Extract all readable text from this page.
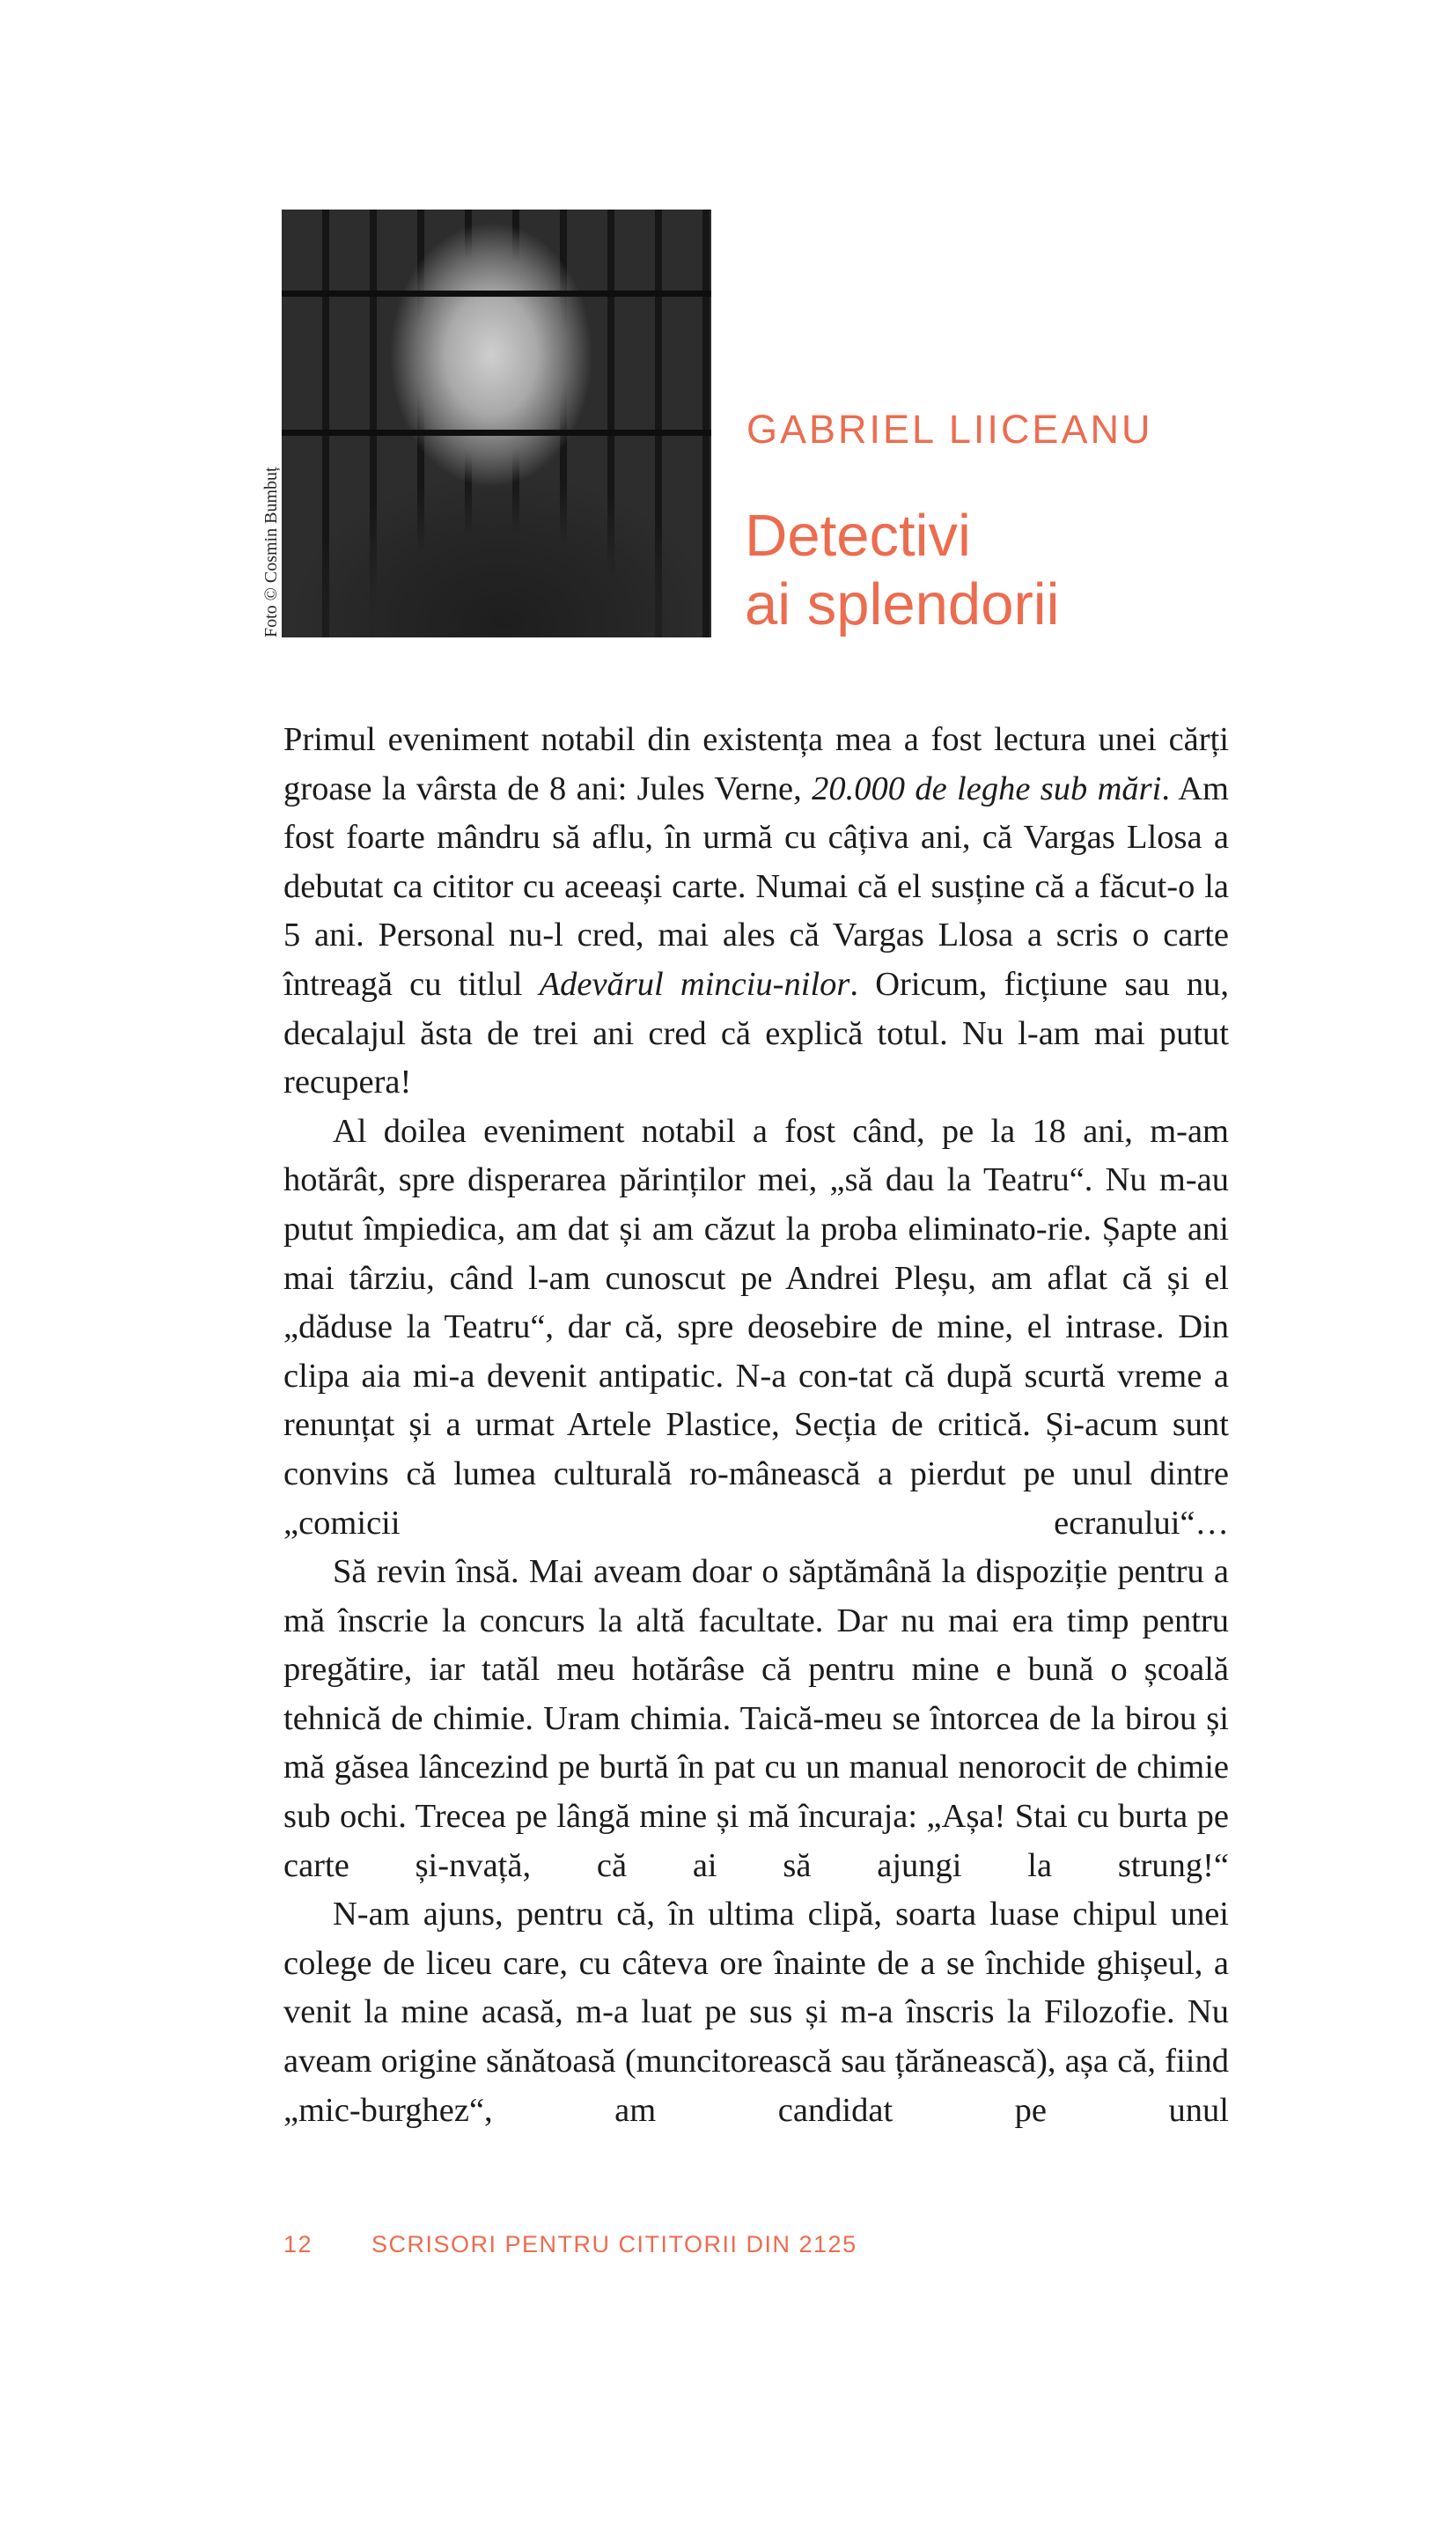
Foto © Cosmin Bumbuț
GABRIEL LIICEANU
Detectivi
ai splendorii

Primul eveniment notabil din existența mea a fost lectura unei cărți groase la vârsta de 8 ani: Jules Verne, 20.000 de leghe sub mări. Am fost foarte mândru să aflu, în urmă cu câțiva ani, că Vargas Llosa a debutat ca cititor cu aceeași carte. Numai că el susține că a făcut-o la 5 ani. Personal nu-l cred, mai ales că Vargas Llosa a scris o carte întreagă cu titlul Adevărul minciu-nilor. Oricum, ficțiune sau nu, decalajul ăsta de trei ani cred că explică totul. Nu l-am mai putut recupera!

Al doilea eveniment notabil a fost când, pe la 18 ani, m-am hotărât, spre disperarea părinților mei, „să dau la Teatru“. Nu m-au putut împiedica, am dat și am căzut la proba eliminato-rie. Șapte ani mai târziu, când l-am cunoscut pe Andrei Pleșu, am aflat că și el „dăduse la Teatru“, dar că, spre deosebire de mine, el intrase. Din clipa aia mi-a devenit antipatic. N-a con-tat că după scurtă vreme a renunțat și a urmat Artele Plastice, Secția de critică. Și-acum sunt convins că lumea culturală ro-mânească a pierdut pe unul dintre „comicii ecranului“…

Să revin însă. Mai aveam doar o săptămână la dispoziție pentru a mă înscrie la concurs la altă facultate. Dar nu mai era timp pentru pregătire, iar tatăl meu hotărâse că pentru mine e bună o școală tehnică de chimie. Uram chimia. Taică-meu se întorcea de la birou și mă găsea lâncezind pe burtă în pat cu un manual nenorocit de chimie sub ochi. Trecea pe lângă mine și mă încuraja: „Așa! Stai cu burta pe carte și-nvață, că ai să ajungi la strung!“

N-am ajuns, pentru că, în ultima clipă, soarta luase chipul unei colege de liceu care, cu câteva ore înainte de a se închide ghișeul, a venit la mine acasă, m-a luat pe sus și m-a înscris la Filozofie. Nu aveam origine sănătoasă (muncitorească sau țărănească), așa că, fiind „mic-burghez“, am candidat pe unul

12 SCRISORI PENTRU CITITORII DIN 2125
